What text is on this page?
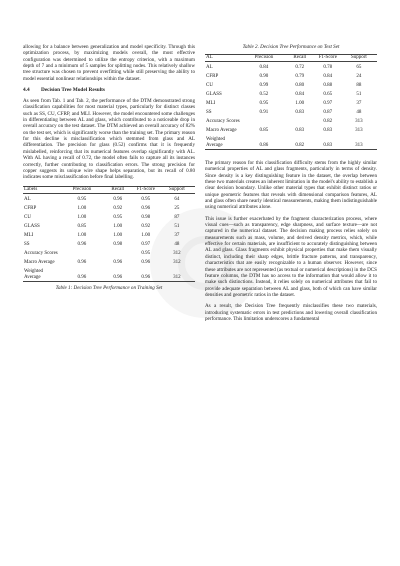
allowing for a balance between generalization and model specificity. Through this optimization process, by maximizing models overall, the most effective configuration was determined to utilize the entropy criterion, with a maximum depth of 7 and a minimum of 5 samples for splitting nodes. This relatively shallow tree structure was chosen to prevent overfitting while still preserving the ability to model essential nonlinear relationships within the dataset.

4.4 Decision Tree Model Results

As seen from Tab. 1 and Tab. 2, the performance of the DTM demonstrated strong classification capabilities for most material types, particularly for distinct classes such as SS, CU, CFRP, and MLI. However, the model encountered some challenges in differentiating between AL and glass, which contributed to a noticeable drop in overall accuracy on the test dataset. The DTM achieved an overall accuracy of 82% on the test set, which is significantly worse than the training set. The primary reason for this decline is misclassification which stemmed from glass and AL differentiation. The precision for glass (0.52) confirms that it is frequently mislabelled, reinforcing that its numerical features overlap significantly with AL. With AL having a recall of 0.72, the model often fails to capture all its instances correctly, further contributing to classification errors. The strong precision for copper suggests its unique wire shape helps separation, but its recall of 0.80 indicates some misclassification before final labelling.

Labels	Precision	Recall	F1-Score	Support
AL	0.95	0.96	0.95	64
CFRP	1.00	0.92	0.96	25
CU	1.00	0.95	0.98	87
GLASS	0.85	1.00	0.92	51
MLI	1.00	1.00	1.00	37
SS	0.96	0.98	0.97	48
Accuracy Scores			0.95	312
Macro Average	0.96	0.96	0.96	312
Weighted Average	0.96	0.96	0.96	312
Table 1: Decision Tree Performance on Training Set
Table 2. Decision Tree Performance on Test Set
AL	Precision	Recall	F1-Score	Support
AL	0.84	0.72	0.78	65
CFRP	0.90	0.79	0.84	24
CU	0.99	0.80	0.88	88
GLASS	0.52	0.84	0.65	51
MLI	0.95	1.00	0.97	37
SS	0.91	0.83	0.87	48
Accuracy Scores			0.82	313
Macro Average	0.85	0.83	0.83	313
Weighted Average	0.86	0.82	0.83	313

The primary reason for this classification difficulty stems from the highly similar numerical properties of AL and glass fragments, particularly in terms of density. Since density is a key distinguishing feature in the dataset, the overlap between these two materials creates an inherent limitation in the model's ability to establish a clear decision boundary. Unlike other material types that exhibit distinct ratios or unique geometric features that reveals with dimensional comparison features, AL and glass often share nearly identical measurements, making them indistinguishable using numerical attributes alone.

This issue is further exacerbated by the fragment characterization process, where visual cues—such as transparency, edge sharpness, and surface texture—are not captured in the numerical dataset. The decision making process relies solely on measurements such as mass, volume, and derived density metrics, which, while effective for certain materials, are insufficient to accurately distinguishing between AL and glass. Glass fragments exhibit physical properties that make them visually distinct, including their sharp edges, brittle fracture patterns, and transparency, characteristics that are easily recognizable to a human observer. However, since these attributes are not represented (as textual or numerical descriptions) in the DCS feature columns, the DTM has no access to the information that would allow it to make such distinctions. Instead, it relies solely on numerical attributes that fail to provide adequate separation between AL and glass, both of which can have similar densities and geometric ratios in the dataset.

As a result, the Decision Tree frequently misclassifies these two materials, introducing systematic errors in test predictions and lowering overall classification performance. This limitation underscores a fundamental
